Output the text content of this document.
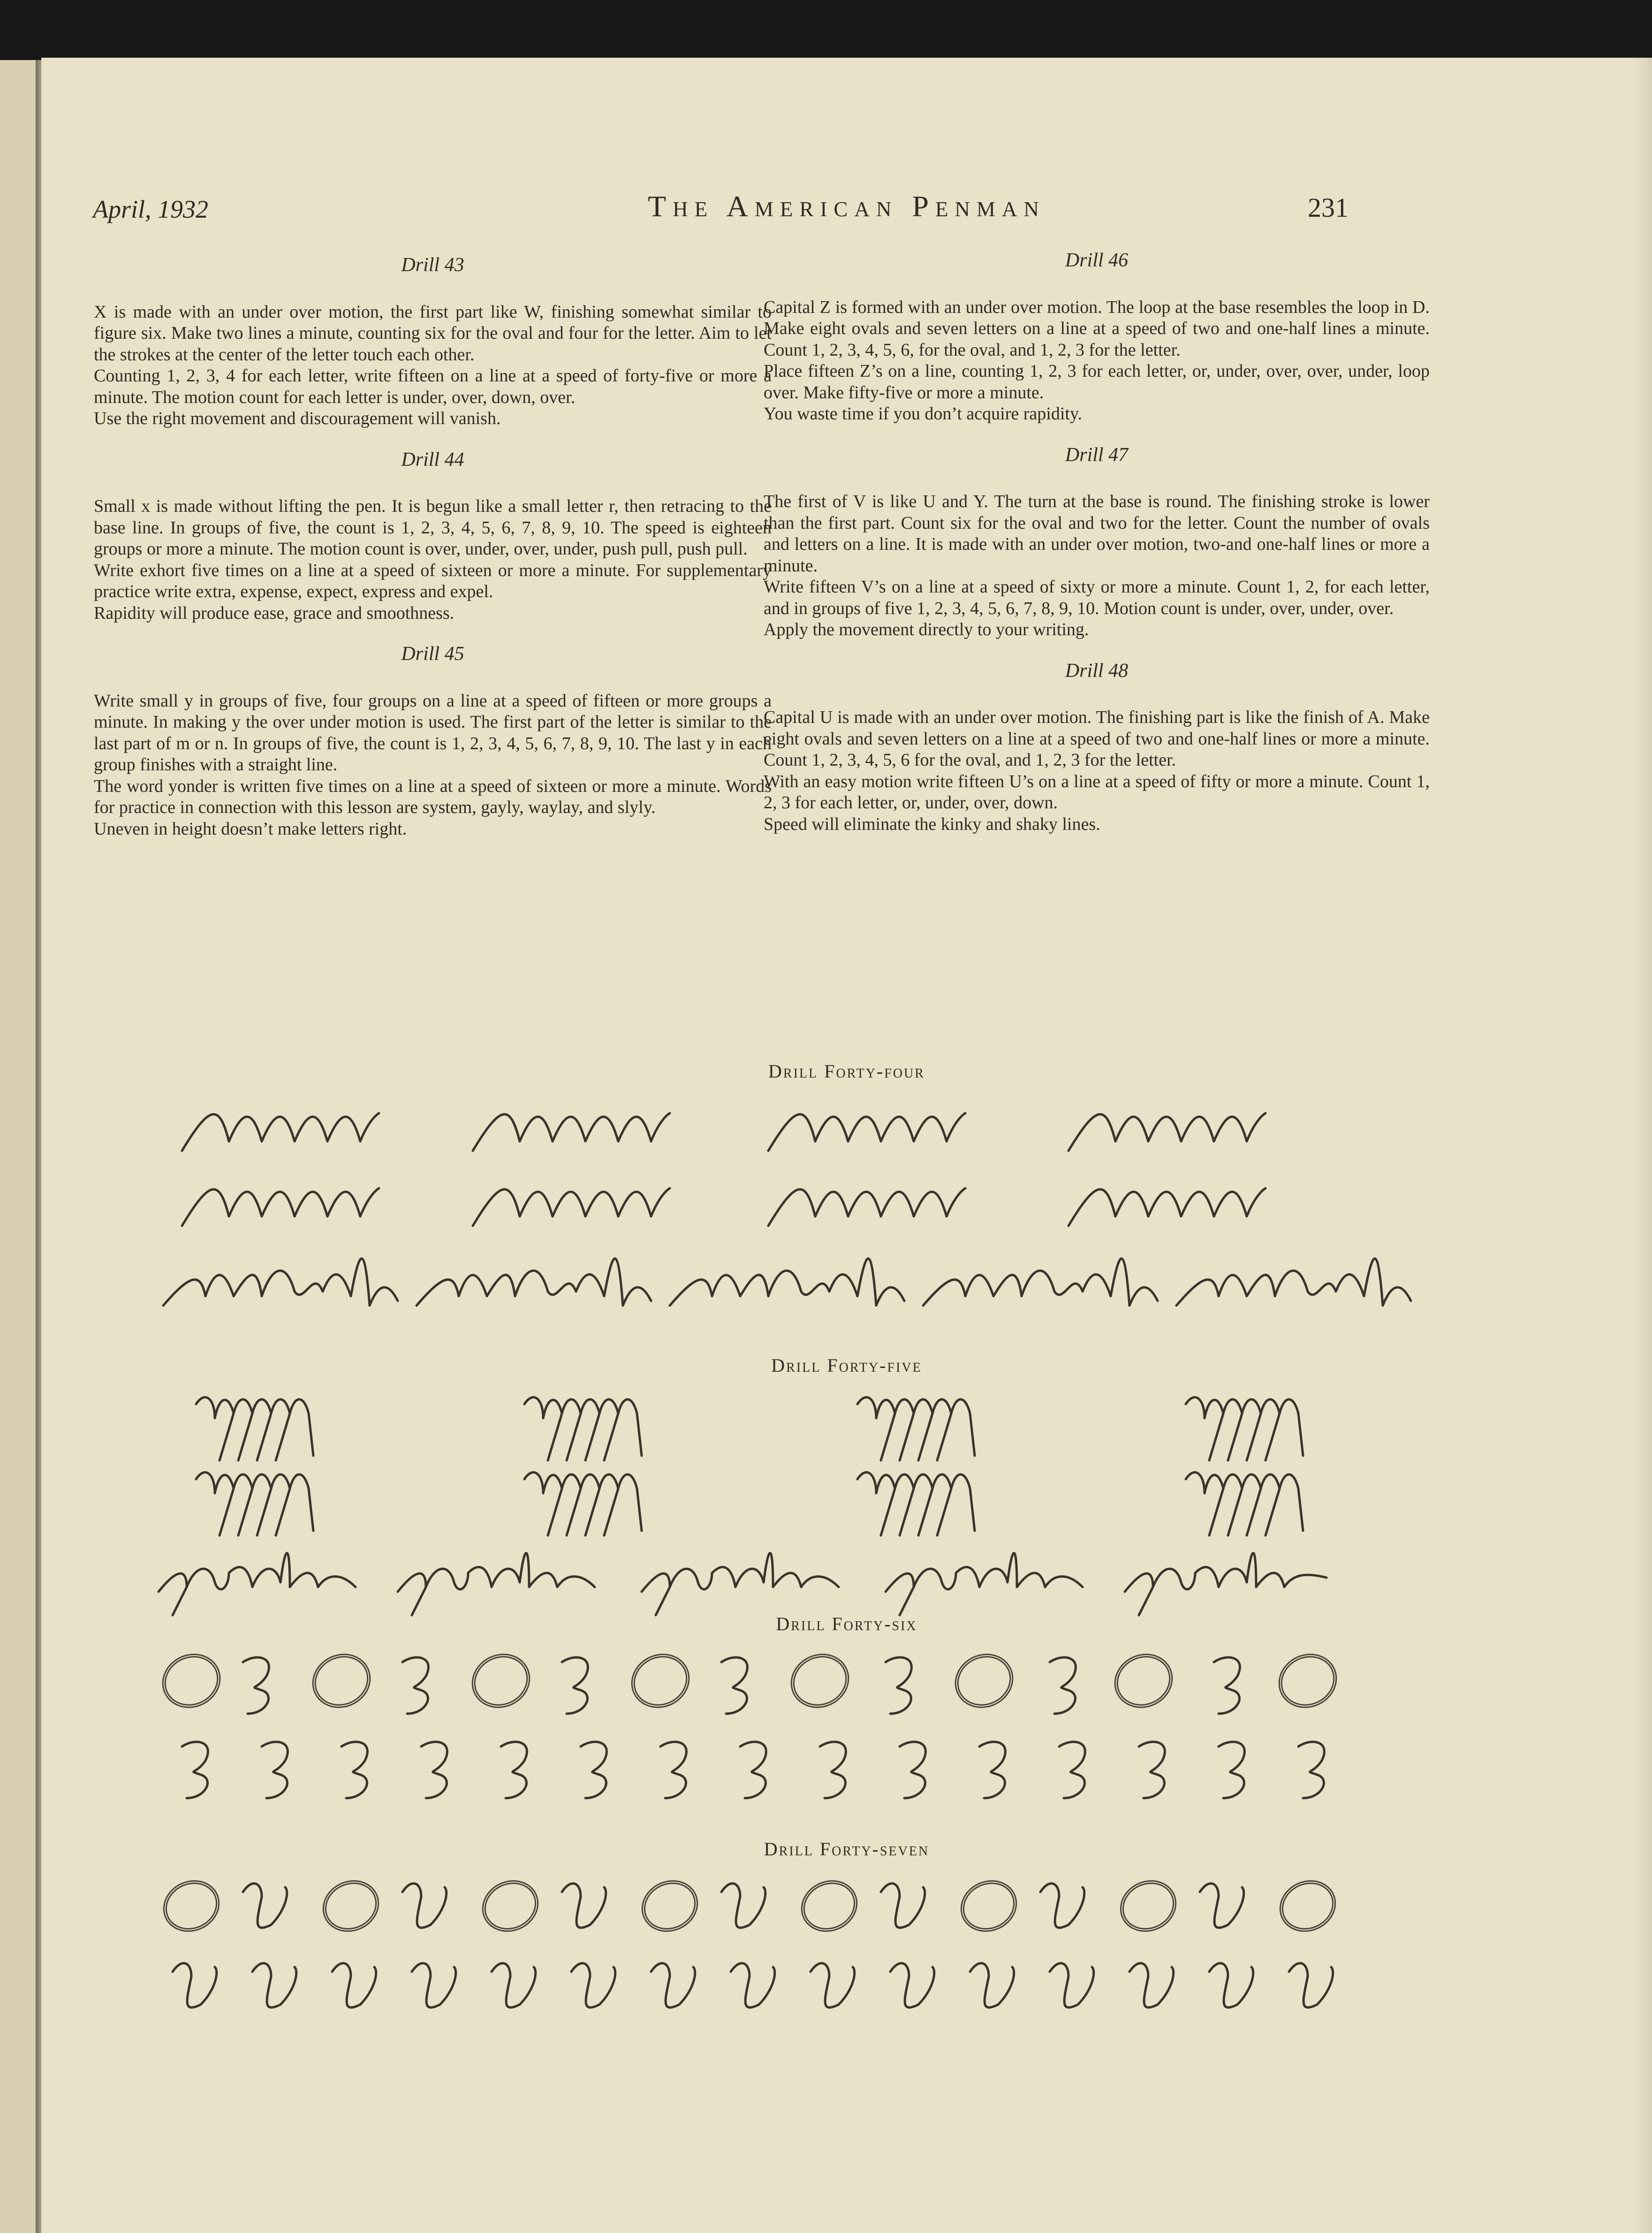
April, 1932	The American Penman	231
Drill 43

X is made with an under over motion, the first part like W, finishing somewhat similar to figure six. Make two lines a minute, counting six for the oval and four for the letter. Aim to let the strokes at the center of the letter touch each other.

Counting 1, 2, 3, 4 for each letter, write fifteen on a line at a speed of forty-five or more a minute. The motion count for each letter is under, over, down, over.

Use the right movement and discouragement will vanish.

Drill 44

Small x is made without lifting the pen. It is begun like a small letter r, then retracing to the base line. In groups of five, the count is 1, 2, 3, 4, 5, 6, 7, 8, 9, 10. The speed is eighteen groups or more a minute. The motion count is over, under, over, under, push pull, push pull.

Write exhort five times on a line at a speed of sixteen or more a minute. For supplementary practice write extra, expense, expect, express and expel.

Rapidity will produce ease, grace and smoothness.

Drill 45

Write small y in groups of five, four groups on a line at a speed of fifteen or more groups a minute. In making y the over under motion is used. The first part of the letter is similar to the last part of m or n. In groups of five, the count is 1, 2, 3, 4, 5, 6, 7, 8, 9, 10. The last y in each group finishes with a straight line.

The word yonder is written five times on a line at a speed of sixteen or more a minute. Words for practice in connection with this lesson are system, gayly, waylay, and slyly.

Uneven in height doesn’t make letters right.

Drill 46

Capital Z is formed with an under over motion. The loop at the base resembles the loop in D. Make eight ovals and seven letters on a line at a speed of two and one-half lines a minute. Count 1, 2, 3, 4, 5, 6, for the oval, and 1, 2, 3 for the letter.

Place fifteen Z’s on a line, counting 1, 2, 3 for each letter, or, under, over, over, under, loop over. Make fifty-five or more a minute.

You waste time if you don’t acquire rapidity.

Drill 47

The first of V is like U and Y. The turn at the base is round. The finishing stroke is lower than the first part. Count six for the oval and two for the letter. Count the number of ovals and letters on a line. It is made with an under over motion, two-and one-half lines or more a minute.

Write fifteen V’s on a line at a speed of sixty or more a minute. Count 1, 2, for each letter, and in groups of five 1, 2, 3, 4, 5, 6, 7, 8, 9, 10. Motion count is under, over, under, over.

Apply the movement directly to your writing.

Drill 48

Capital U is made with an under over motion. The finishing part is like the finish of A. Make eight ovals and seven letters on a line at a speed of two and one-half lines or more a minute. Count 1, 2, 3, 4, 5, 6 for the oval, and 1, 2, 3 for the letter.

With an easy motion write fifteen U’s on a line at a speed of fifty or more a minute. Count 1, 2, 3 for each letter, or, under, over, down.

Speed will eliminate the kinky and shaky lines.

Drill Forty-four
Drill Forty-five
Drill Forty-six
Drill Forty-seven
